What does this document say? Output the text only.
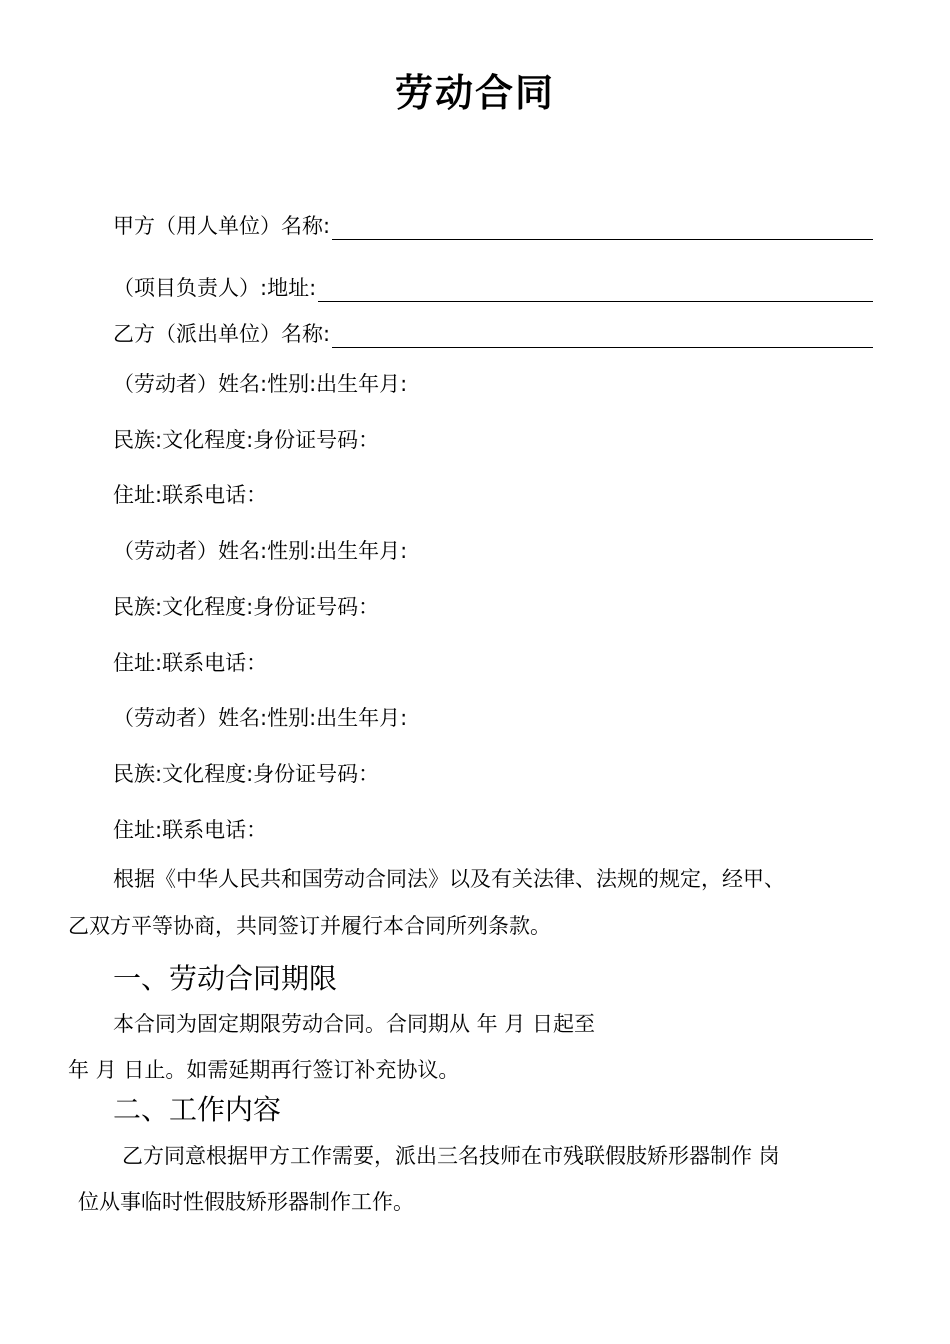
劳动合同
甲方（用人单位）名称:
（项目负责人）:地址:
乙方（派出单位）名称:
（劳动者）姓名:性别:出生年月:
民族:文化程度:身份证号码：
住址:联系电话：
（劳动者）姓名:性别:出生年月:
民族:文化程度:身份证号码：
住址:联系电话：
（劳动者）姓名:性别:出生年月:
民族:文化程度:身份证号码：
住址:联系电话：
根据《中华人民共和国劳动合同法》以及有关法律、法规的规定，经甲、
乙双方平等协商，共同签订并履行本合同所列条款。
一、劳动合同期限
本合同为固定期限劳动合同。合同期从 年 月 日起至
年 月 日止。如需延期再行签订补充协议。
二、工作内容
乙方同意根据甲方工作需要，派出三名技师在市残联假肢矫形器制作 岗
位从事临时性假肢矫形器制作工作。
